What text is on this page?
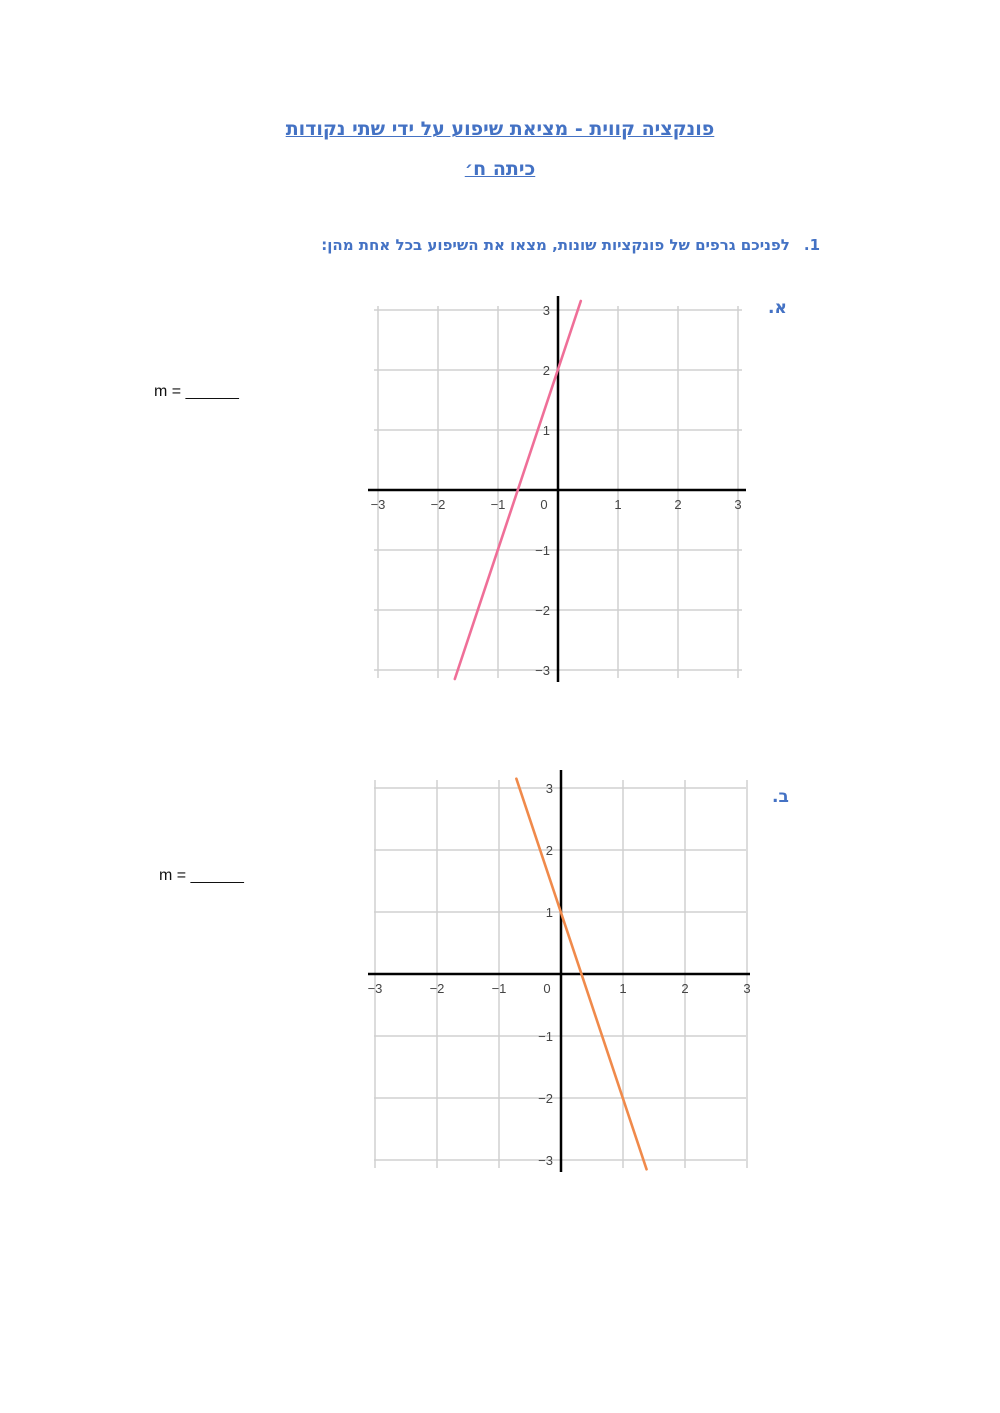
פונקציה קווית - מציאת שיפוע על ידי שתי נקודות
כיתה ח׳
1.לפניכם גרפים של פונקציות שונות, מצאו את השיפוע בכל אחת מהן:
א.
m = ______
−3	−2	−1	0	1	2	3
3
2
1
−1
−2
−3
ב.
m = ______
−3	−2	−1	0	1	2	3
3
2
1
−1
−2
−3
